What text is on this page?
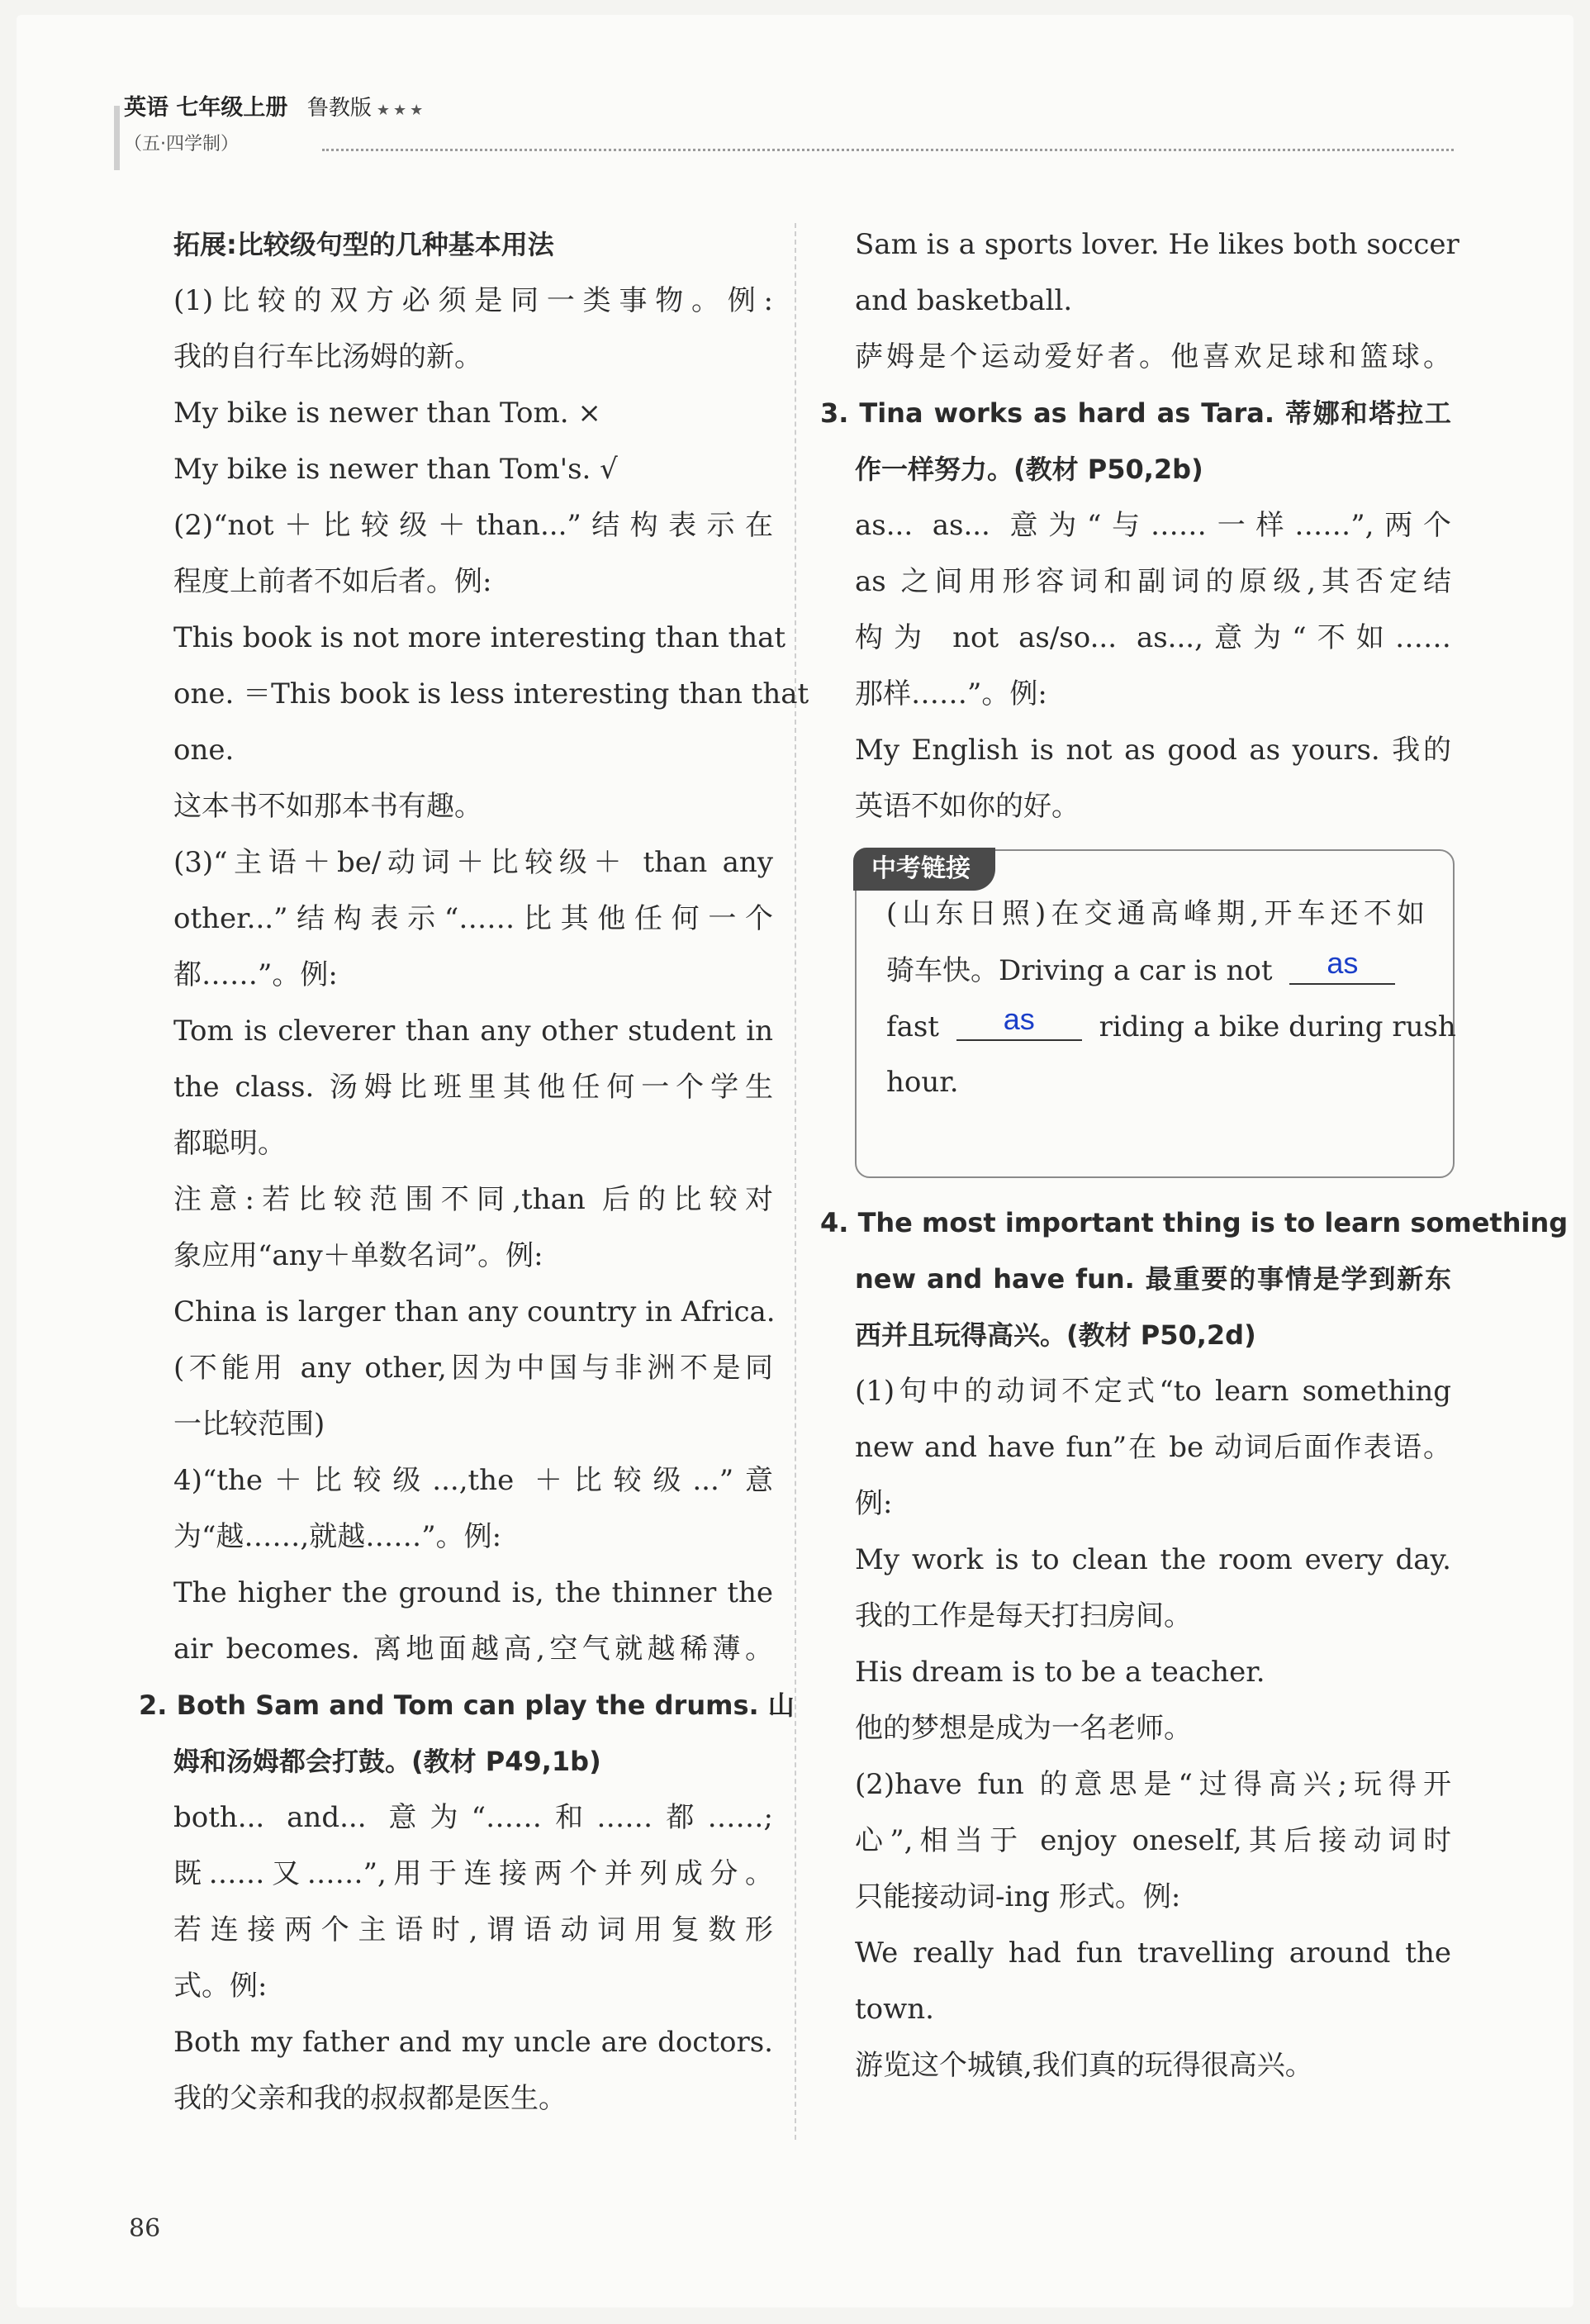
英语 七年级上册 鲁教版 ★★★
（五·四学制）
拓展:比较级句型的几种基本用法
(1)比较的双方必须是同一类事物。例:
我的自行车比汤姆的新。
My bike is newer than Tom. ×
My bike is newer than Tom's. √
(2)“not＋比较级＋than...”结构表示在
程度上前者不如后者。例:
This book is not more interesting than that
one. ＝This book is less interesting than that
one.
这本书不如那本书有趣。
(3)“主语＋be/动词＋比较级＋ than any
other...”结构表示“……比其他任何一个
都……”。例:
Tom is cleverer than any other student in
the class. 汤姆比班里其他任何一个学生
都聪明。
注意:若比较范围不同,than 后的比较对
象应用“any＋单数名词”。例:
China is larger than any country in Africa.
(不能用 any other,因为中国与非洲不是同
一比较范围)
4)“the＋比较级...,the ＋比较级...”意
为“越……,就越……”。例:
The higher the ground is, the thinner the
air becomes. 离地面越高,空气就越稀薄。
2. Both Sam and Tom can play the drums. 山
姆和汤姆都会打鼓。(教材 P49,1b)
both... and... 意为“……和……都……;
既……又……”,用于连接两个并列成分。
若连接两个主语时,谓语动词用复数形
式。例:
Both my father and my uncle are doctors.
我的父亲和我的叔叔都是医生。
Sam is a sports lover. He likes both soccer
and basketball.
萨姆是个运动爱好者。他喜欢足球和篮球。
3. Tina works as hard as Tara. 蒂娜和塔拉工
作一样努力。(教材 P50,2b)
as... as... 意为“与……一样……”,两个
as 之间用形容词和副词的原级,其否定结
构为 not as/so... as...,意为“不如……
那样……”。例:
My English is not as good as yours. 我的
英语不如你的好。
中考链接
(山东日照)在交通高峰期,开车还不如
骑车快。Driving a car is not as
fast as riding a bike during rush
hour.
4. The most important thing is to learn something
new and have fun. 最重要的事情是学到新东
西并且玩得高兴。(教材 P50,2d)
(1)句中的动词不定式“to learn something
new and have fun”在 be 动词后面作表语。
例:
My work is to clean the room every day.
我的工作是每天打扫房间。
His dream is to be a teacher.
他的梦想是成为一名老师。
(2)have fun 的意思是“过得高兴;玩得开
心”,相当于 enjoy oneself,其后接动词时
只能接动词-ing 形式。例:
We really had fun travelling around the
town.
游览这个城镇,我们真的玩得很高兴。
86
